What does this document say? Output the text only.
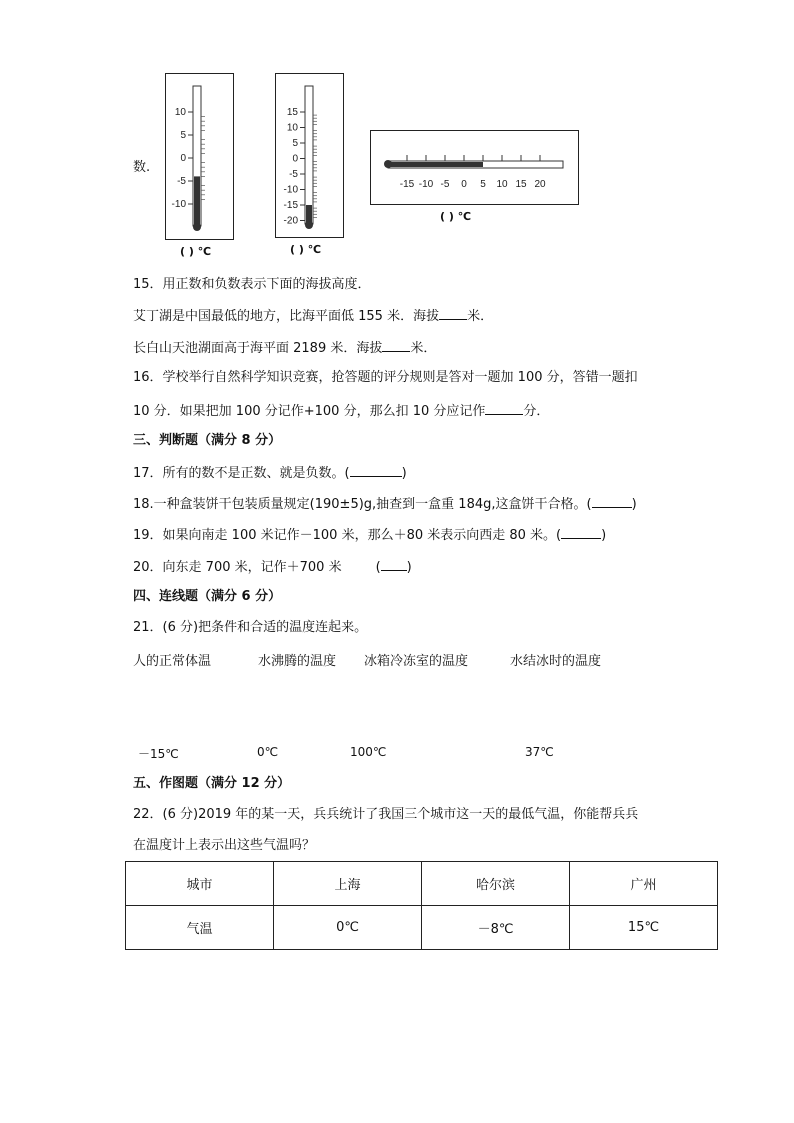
数.
10
5
0
-5
-10
( ) ℃
15
10
5
0
-5
-10
-15
-20
( ) ℃
-15 -10 -5 0 5 10 15 20
( ) ℃
15．用正数和负数表示下面的海拔高度．
艾丁湖是中国最低的地方，比海平面低 155 米．海拔 米．
长白山天池湖面高于海平面 2189 米．海拔 米．
16．学校举行自然科学知识竞赛，抢答题的评分规则是答对一题加 100 分，答错一题扣
10 分．如果把加 100 分记作+100 分，那么扣 10 分应记作	分．
三、判断题（满分 8 分）
17．所有的数不是正数、就是负数。(	)
18.一种盒装饼干包装质量规定(190±5)g,抽查到一盒重 184g,这盒饼干合格。(	)
19．如果向南走 100 米记作－100 米，那么＋80 米表示向西走 80 米。(	)
20．向东走 700 米，记作＋700 米	( )
四、连线题（满分 6 分）
21．(6 分)把条件和合适的温度连起来。
人的正常体温	水沸腾的温度 冰箱冷冻室的温度	水结冰时的温度
－15℃	0℃	100℃	37℃
五、作图题（满分 12 分）
22．(6 分)2019 年的某一天，兵兵统计了我国三个城市这一天的最低气温，你能帮兵兵
在温度计上表示出这些气温吗？
城市	上海	哈尔滨	广州
气温	0℃	－8℃	15℃
